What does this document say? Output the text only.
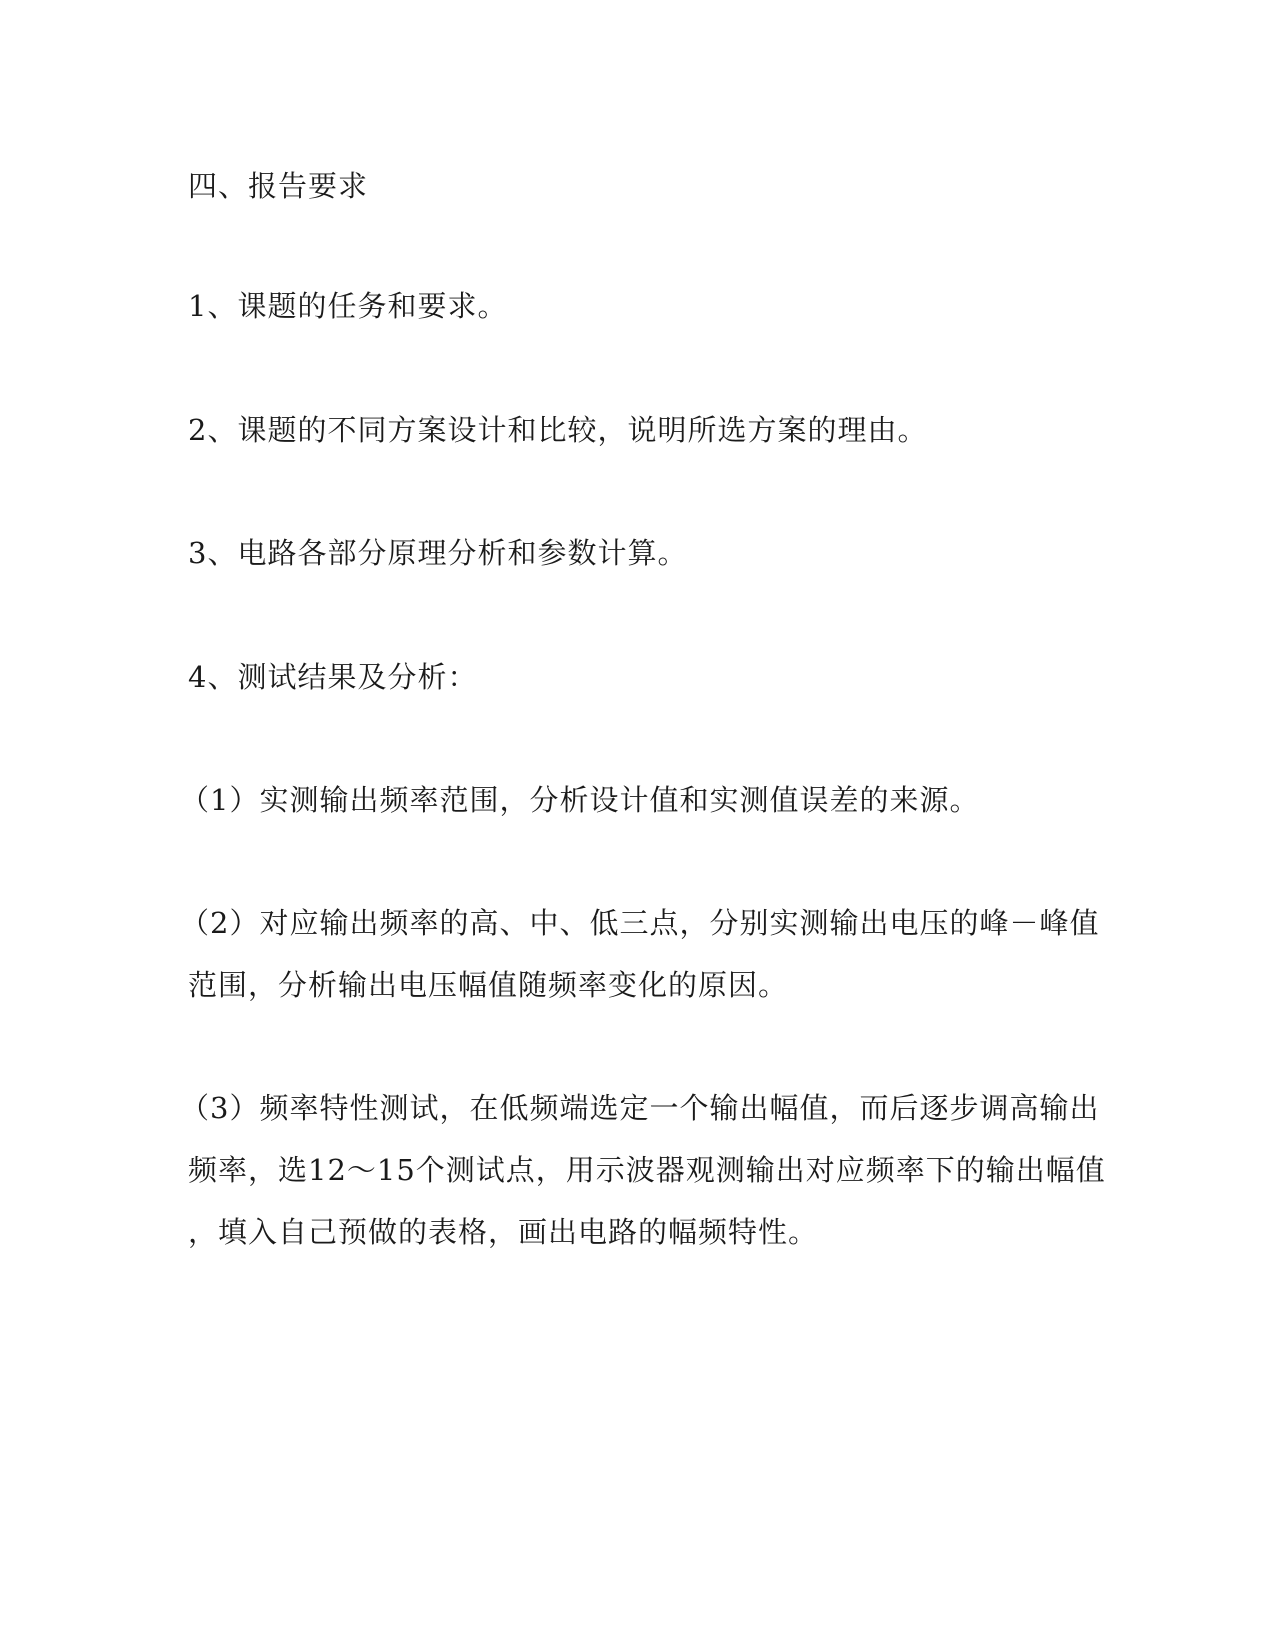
四、报告要求
1、课题的任务和要求。
2、课题的不同方案设计和比较，说明所选方案的理由。
3、电路各部分原理分析和参数计算。
4、测试结果及分析：
（1）实测输出频率范围，分析设计值和实测值误差的来源。
（2）对应输出频率的高、中、低三点，分别实测输出电压的峰－峰值
范围，分析输出电压幅值随频率变化的原因。
（3）频率特性测试，在低频端选定一个输出幅值，而后逐步调高输出
频率，选12～15个测试点，用示波器观测输出对应频率下的输出幅值
，填入自己预做的表格，画出电路的幅频特性。
